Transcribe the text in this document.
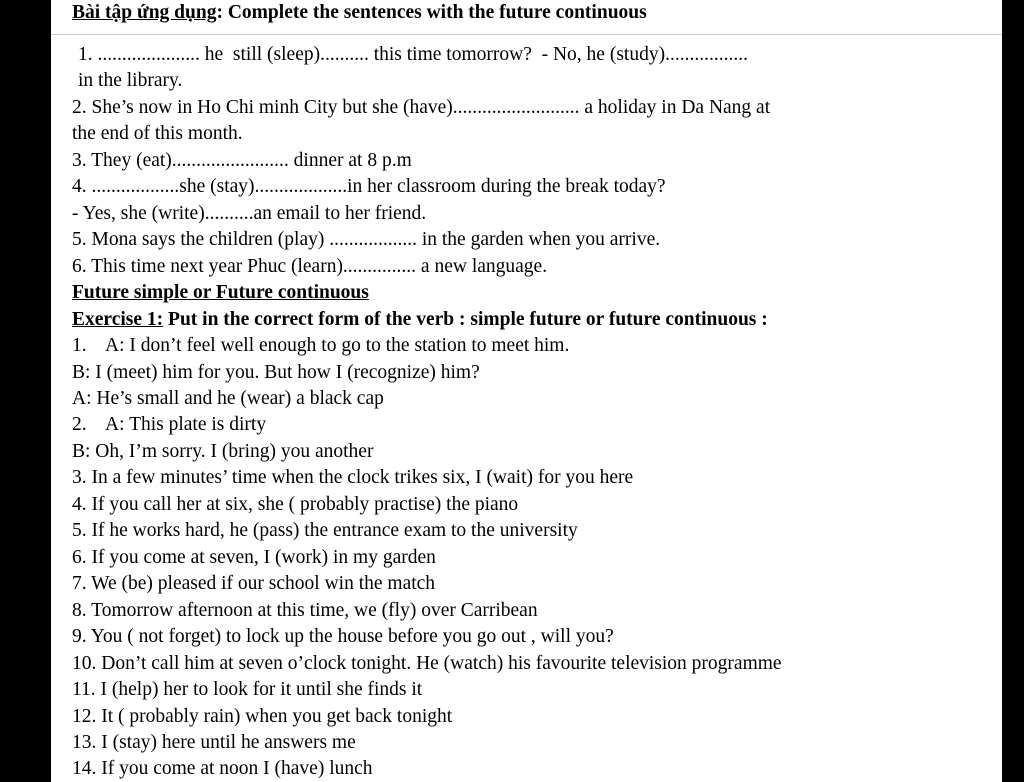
Bài tập ứng dụng: Complete the sentences with the future continuous
1. ..................... he  still (sleep).......... this time tomorrow?  - No, he (study).................
in the library.
2. She’s now in Ho Chi minh City but she (have).......................... a holiday in Da Nang at
the end of this month.
3. They (eat)........................ dinner at 8 p.m
4. ..................she (stay)...................in her classroom during the break today?
- Yes, she (write)..........an email to her friend.
5. Mona says the children (play) .................. in the garden when you arrive.
6. This time next year Phuc (learn)............... a new language.
Future simple or Future continuous
Exercise 1: Put in the correct form of the verb : simple future or future continuous :
1.    A: I don’t feel well enough to go to the station to meet him.
B: I (meet) him for you. But how I (recognize) him?
A: He’s small and he (wear) a black cap
2.    A: This plate is dirty
B: Oh, I’m sorry. I (bring) you another
3. In a few minutes’ time when the clock trikes six, I (wait) for you here
4. If you call her at six, she ( probably practise) the piano
5. If he works hard, he (pass) the entrance exam to the university
6. If you come at seven, I (work) in my garden
7. We (be) pleased if our school win the match
8. Tomorrow afternoon at this time, we (fly) over Carribean
9. You ( not forget) to lock up the house before you go out , will you?
10. Don’t call him at seven o’clock tonight. He (watch) his favourite television programme
11. I (help) her to look for it until she finds it
12. It ( probably rain) when you get back tonight
13. I (stay) here until he answers me
14. If you come at noon I (have) lunch
